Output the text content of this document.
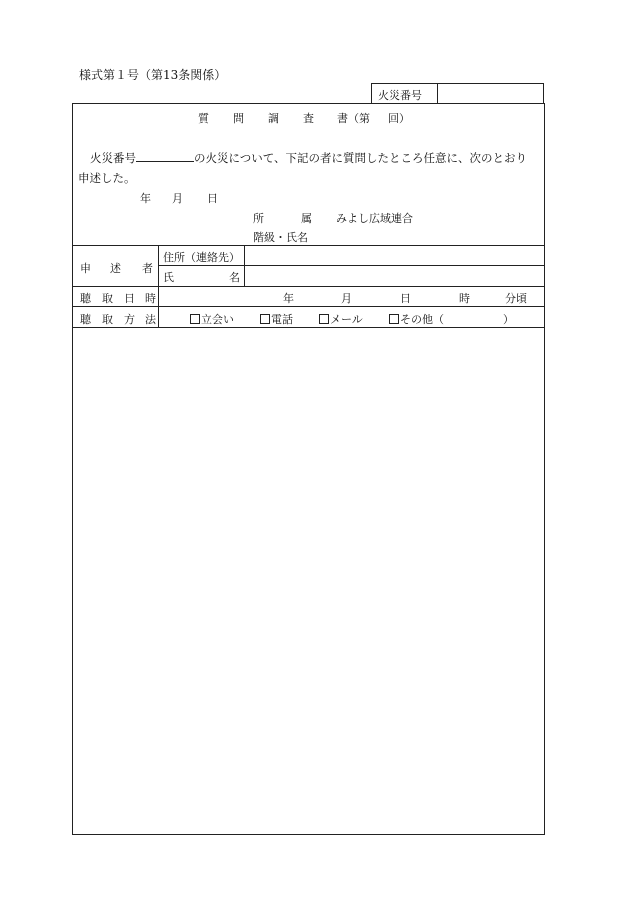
様式第１号（第13条関係）
火災番号
質 問 調 査 書（第 回）
火災番号	の火災について、下記の者に質問したところ任意に、次のとおり
申述した。
年 月 日
所	属 みよし広域連合
階級・氏名
申 述 者
住所（連絡先）
氏	名
聴 取 日 時	年	月	日	時	分頃
聴 取 方 法	立会い	電話	メール	その他（	）
